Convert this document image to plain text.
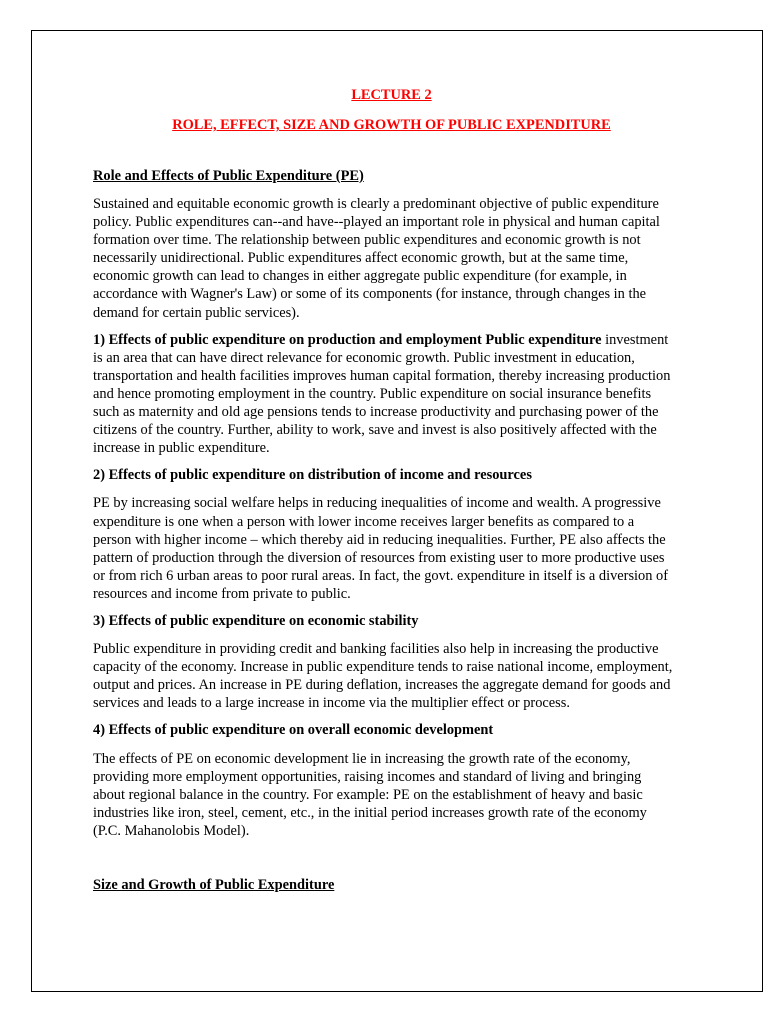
LECTURE 2

ROLE, EFFECT, SIZE AND GROWTH OF PUBLIC EXPENDITURE

Role and Effects of Public Expenditure (PE)

Sustained and equitable economic growth is clearly a predominant objective of public expenditure policy. Public expenditures can--and have--played an important role in physical and human capital formation over time. The relationship between public expenditures and economic growth is not necessarily unidirectional. Public expenditures affect economic growth, but at the same time, economic growth can lead to changes in either aggregate public expenditure (for example, in accordance with Wagner's Law) or some of its components (for instance, through changes in the demand for certain public services).

1) Effects of public expenditure on production and employment Public expenditure investment is an area that can have direct relevance for economic growth. Public investment in education, transportation and health facilities improves human capital formation, thereby increasing production and hence promoting employment in the country. Public expenditure on social insurance benefits such as maternity and old age pensions tends to increase productivity and purchasing power of the citizens of the country. Further, ability to work, save and invest is also positively affected with the increase in public expenditure.

2) Effects of public expenditure on distribution of income and resources

PE by increasing social welfare helps in reducing inequalities of income and wealth. A progressive expenditure is one when a person with lower income receives larger benefits as compared to a person with higher income – which thereby aid in reducing inequalities. Further, PE also affects the pattern of production through the diversion of resources from existing user to more productive uses or from rich 6 urban areas to poor rural areas. In fact, the govt. expenditure in itself is a diversion of resources and income from private to public.

3) Effects of public expenditure on economic stability

Public expenditure in providing credit and banking facilities also help in increasing the productive capacity of the economy. Increase in public expenditure tends to raise national income, employment, output and prices. An increase in PE during deflation, increases the aggregate demand for goods and services and leads to a large increase in income via the multiplier effect or process.

4) Effects of public expenditure on overall economic development

The effects of PE on economic development lie in increasing the growth rate of the economy, providing more employment opportunities, raising incomes and standard of living and bringing about regional balance in the country. For example: PE on the establishment of heavy and basic industries like iron, steel, cement, etc., in the initial period increases growth rate of the economy (P.C. Mahanolobis Model).

Size and Growth of Public Expenditure
